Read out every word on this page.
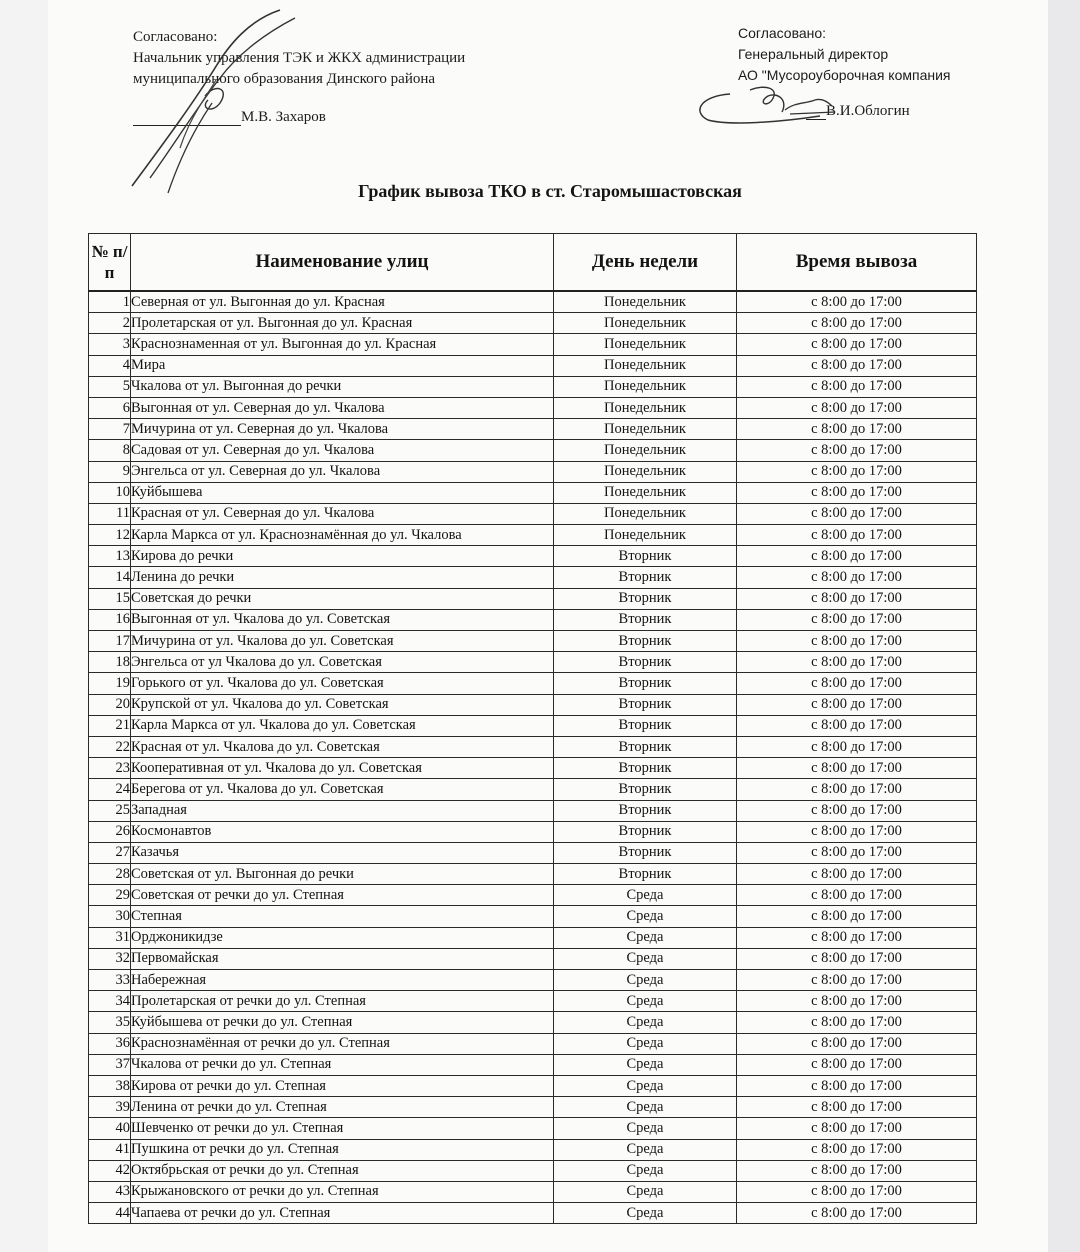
Согласовано:
Начальник управления ТЭК и ЖКХ администрации
муниципального образования Динского района
М.В. Захаров
Согласовано:
Генеральный директор
АО "Мусороуборочная компания
В.И.Облогин
График вывоза ТКО в ст. Старомышастовская
№ п/п	Наименование улиц	День недели	Время вывоза
1	Северная от ул. Выгонная до ул. Красная	Понедельник	с 8:00 до 17:00
2	Пролетарская от ул. Выгонная до ул. Красная	Понедельник	с 8:00 до 17:00
3	Краснознаменная от ул. Выгонная до ул. Красная	Понедельник	с 8:00 до 17:00
4	Мира	Понедельник	с 8:00 до 17:00
5	Чкалова от ул. Выгонная до речки	Понедельник	с 8:00 до 17:00
6	Выгонная от ул. Северная до ул. Чкалова	Понедельник	с 8:00 до 17:00
7	Мичурина от ул. Северная до ул. Чкалова	Понедельник	с 8:00 до 17:00
8	Садовая от ул. Северная до ул. Чкалова	Понедельник	с 8:00 до 17:00
9	Энгельса от ул. Северная до ул. Чкалова	Понедельник	с 8:00 до 17:00
10	Куйбышева	Понедельник	с 8:00 до 17:00
11	Красная от ул. Северная до ул. Чкалова	Понедельник	с 8:00 до 17:00
12	Карла Маркса от ул. Краснознамённая до ул. Чкалова	Понедельник	с 8:00 до 17:00
13	Кирова до речки	Вторник	с 8:00 до 17:00
14	Ленина до речки	Вторник	с 8:00 до 17:00
15	Советская до речки	Вторник	с 8:00 до 17:00
16	Выгонная от ул. Чкалова до ул. Советская	Вторник	с 8:00 до 17:00
17	Мичурина от ул. Чкалова до ул. Советская	Вторник	с 8:00 до 17:00
18	Энгельса от ул Чкалова до ул. Советская	Вторник	с 8:00 до 17:00
19	Горького от ул. Чкалова до ул. Советская	Вторник	с 8:00 до 17:00
20	Крупской от ул. Чкалова до ул. Советская	Вторник	с 8:00 до 17:00
21	Карла Маркса от ул. Чкалова до ул. Советская	Вторник	с 8:00 до 17:00
22	Красная от ул. Чкалова до ул. Советская	Вторник	с 8:00 до 17:00
23	Кооперативная от ул. Чкалова до ул. Советская	Вторник	с 8:00 до 17:00
24	Берегова от ул. Чкалова до ул. Советская	Вторник	с 8:00 до 17:00
25	Западная	Вторник	с 8:00 до 17:00
26	Космонавтов	Вторник	с 8:00 до 17:00
27	Казачья	Вторник	с 8:00 до 17:00
28	Советская от ул. Выгонная до речки	Вторник	с 8:00 до 17:00
29	Советская от речки до ул. Степная	Среда	с 8:00 до 17:00
30	Степная	Среда	с 8:00 до 17:00
31	Орджоникидзе	Среда	с 8:00 до 17:00
32	Первомайская	Среда	с 8:00 до 17:00
33	Набережная	Среда	с 8:00 до 17:00
34	Пролетарская от речки до ул. Степная	Среда	с 8:00 до 17:00
35	Куйбышева от речки до ул. Степная	Среда	с 8:00 до 17:00
36	Краснознамённая от речки до ул. Степная	Среда	с 8:00 до 17:00
37	Чкалова от речки до ул. Степная	Среда	с 8:00 до 17:00
38	Кирова от речки до ул. Степная	Среда	с 8:00 до 17:00
39	Ленина от речки до ул. Степная	Среда	с 8:00 до 17:00
40	Шевченко от речки до ул. Степная	Среда	с 8:00 до 17:00
41	Пушкина от речки до ул. Степная	Среда	с 8:00 до 17:00
42	Октябрьская от речки до ул. Степная	Среда	с 8:00 до 17:00
43	Крыжановского от речки до ул. Степная	Среда	с 8:00 до 17:00
44	Чапаева от речки до ул. Степная	Среда	с 8:00 до 17:00
